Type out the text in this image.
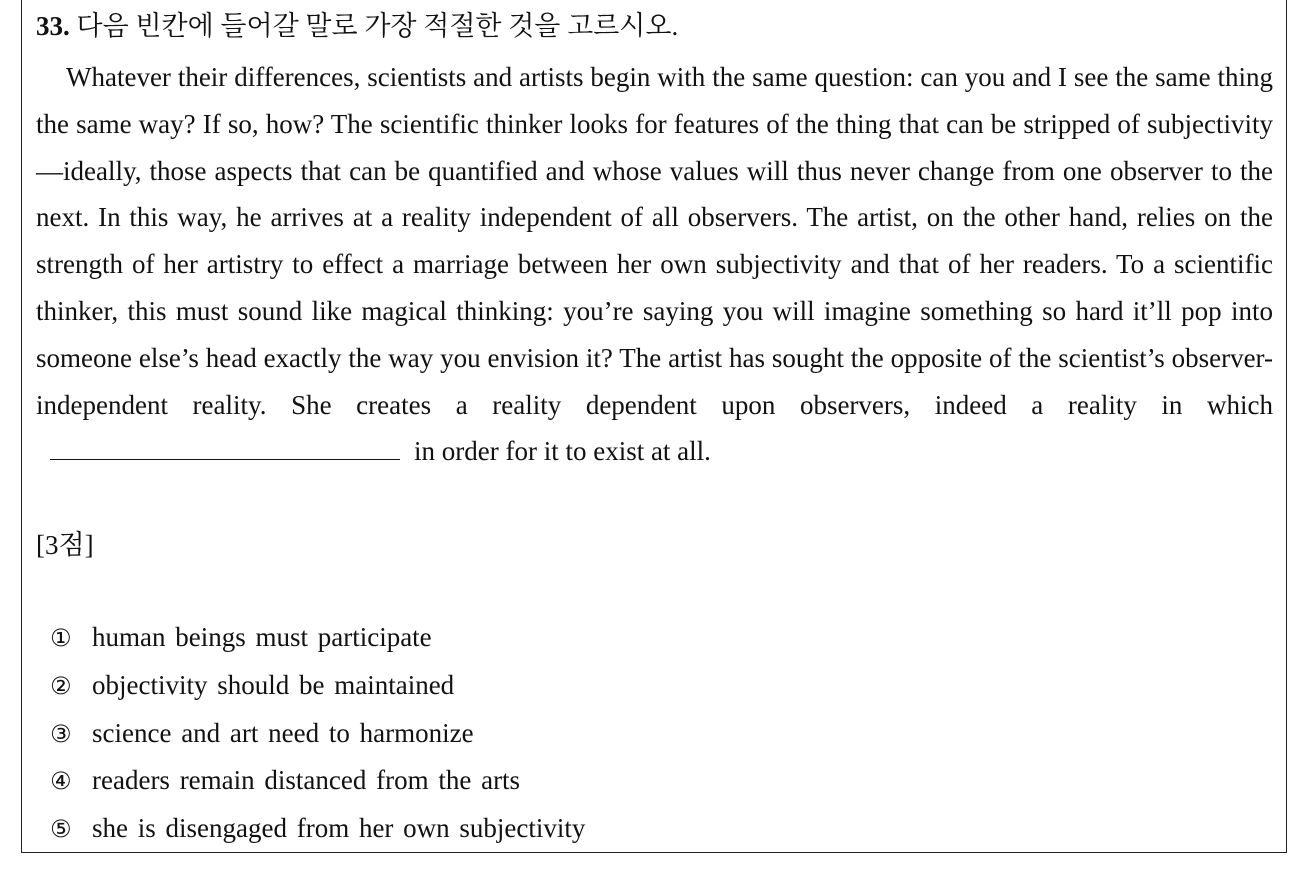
33. 다음 빈칸에 들어갈 말로 가장 적절한 것을 고르시오.

Whatever their differences, scientists and artists begin with the same question: can you and I see the same thing the same way? If so, how? The scientific thinker looks for features of the thing that can be stripped of subjectivity—ideally, those aspects that can be quantified and whose values will thus never change from one observer to the next. In this way, he arrives at a reality independent of all observers. The artist, on the other hand, relies on the strength of her artistry to effect a marriage between her own subjectivity and that of her readers. To a scientific thinker, this must sound like magical thinking: you’re saying you will imagine something so hard it’ll pop into someone else’s head exactly the way you envision it? The artist has sought the opposite of the scientist’s observer-independent reality. She creates a reality dependent upon observers, indeed a reality in whichin order for it to exist at all.

[3점]
① human beings must participate
② objectivity should be maintained
③ science and art need to harmonize
④ readers remain distanced from the arts
⑤ she is disengaged from her own subjectivity
